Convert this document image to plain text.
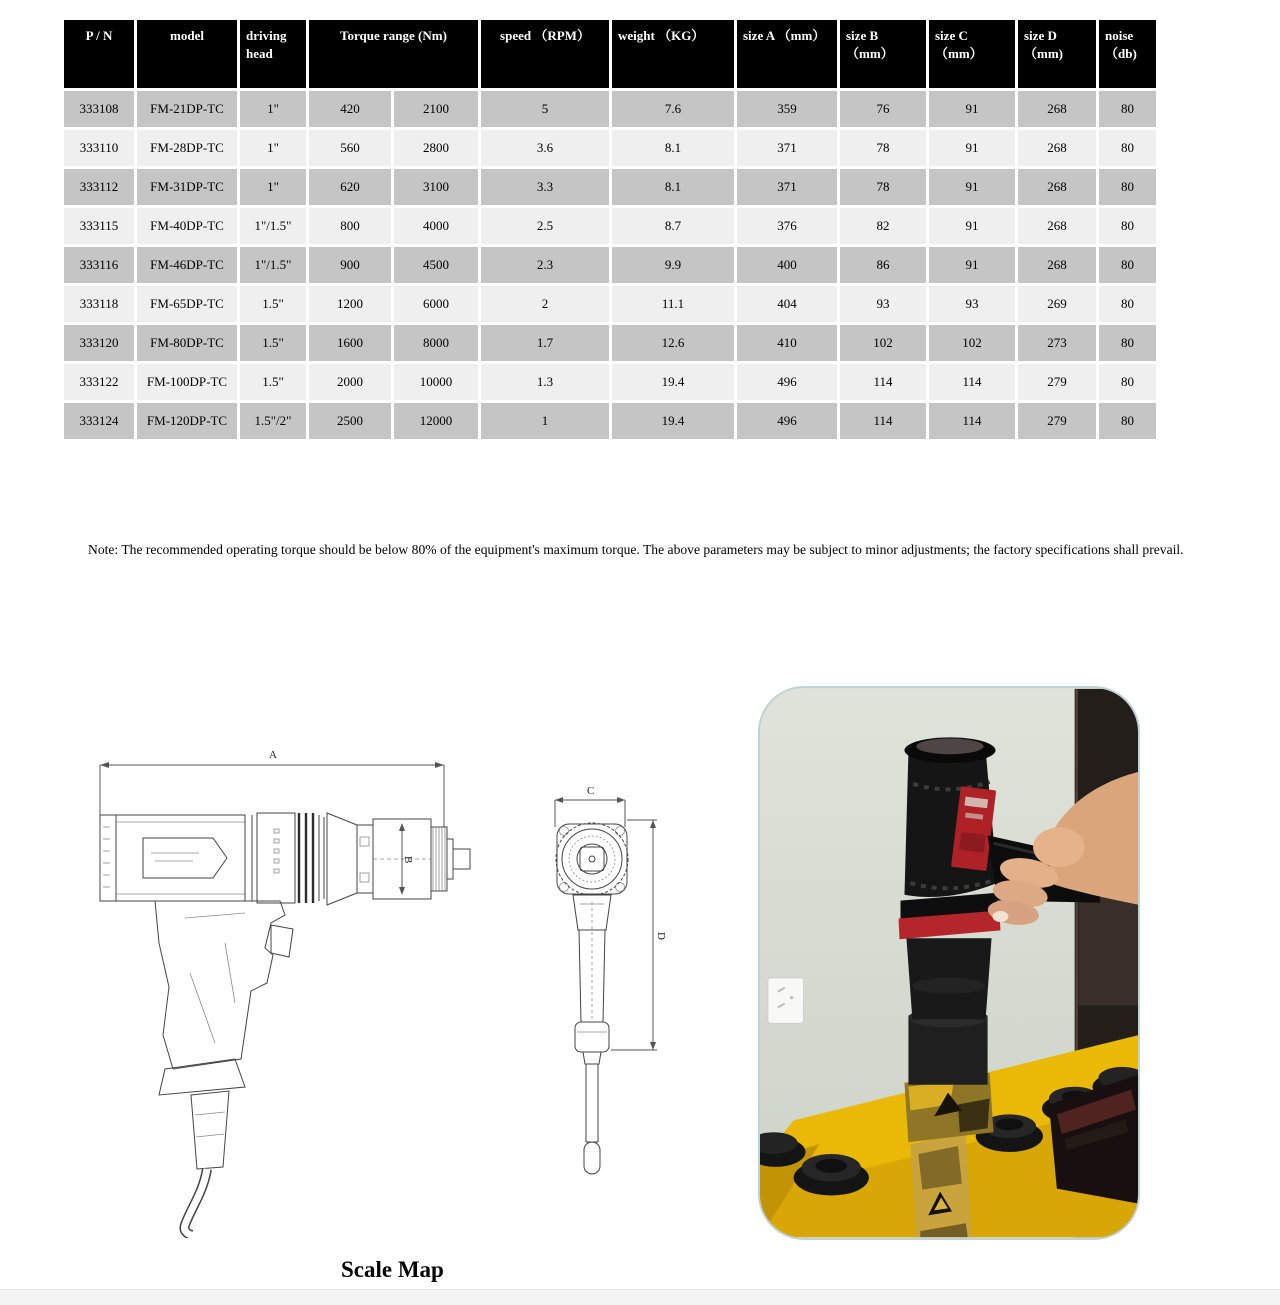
P / N	model	driving head	Torque range (Nm)		speed （RPM）	weight （KG）	size A （mm）	size B （mm）	size C （mm）	size D （mm)	noise （db)
333108	FM-21DP-TC	1"	420	2100	5	7.6	359	76	91	268	80
333110	FM-28DP-TC	1"	560	2800	3.6	8.1	371	78	91	268	80
333112	FM-31DP-TC	1"	620	3100	3.3	8.1	371	78	91	268	80
333115	FM-40DP-TC	1"/1.5"	800	4000	2.5	8.7	376	82	91	268	80
333116	FM-46DP-TC	1"/1.5"	900	4500	2.3	9.9	400	86	91	268	80
333118	FM-65DP-TC	1.5"	1200	6000	2	11.1	404	93	93	269	80
333120	FM-80DP-TC	1.5"	1600	8000	1.7	12.6	410	102	102	273	80
333122	FM-100DP-TC	1.5"	2000	10000	1.3	19.4	496	114	114	279	80
333124	FM-120DP-TC	1.5"/2"	2500	12000	1	19.4	496	114	114	279	80

Note: The recommended operating torque should be below 80% of the equipment's maximum torque. The above parameters may be subject to minor adjustments; the factory specifications shall prevail.

A
B
C
D
Scale Map
